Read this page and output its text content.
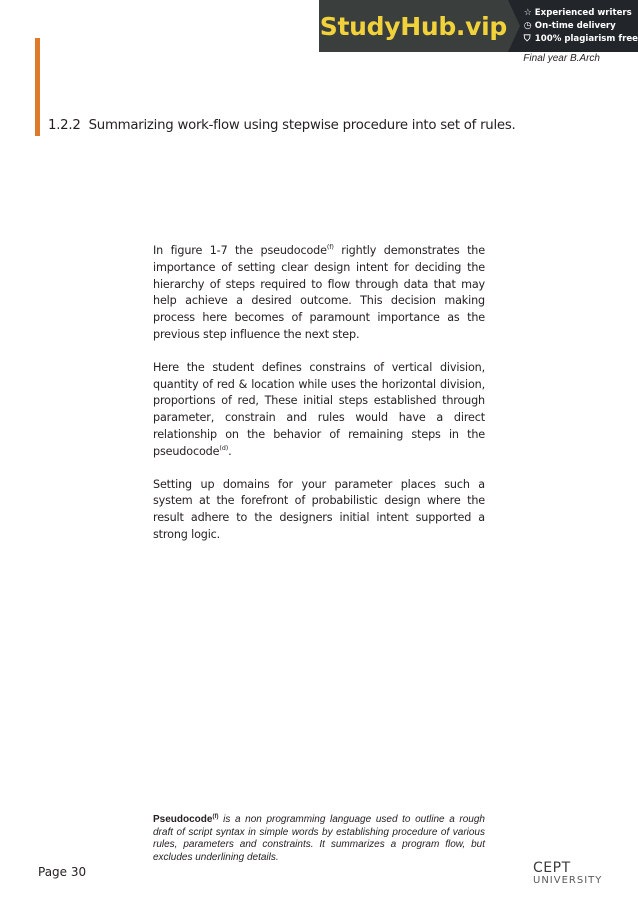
StudyHub.vip ☆ Experienced writers
◷ On-time delivery
⛉ 100% plagiarism free
Final year B.Arch
1.2.2 Summarizing work-flow using stepwise procedure into set of rules.

In figure 1-7 the pseudocode$^{(f)}$ rightly demonstrates the importance of setting clear design intent for deciding the hierarchy of steps required to flow through data that may help achieve a desired outcome. This decision making process here becomes of paramount importance as the previous step influence the next step.

Here the student defines constrains of vertical division, quantity of red & location while uses the horizontal division, proportions of red, These initial steps established through parameter, constrain and rules would have a direct relationship on the behavior of remaining steps in the pseudocode$^{(d)}$.

Setting up domains for your parameter places such a system at the forefront of probabilistic design where the result adhere to the designers initial intent supported a strong logic.

Pseudocode$^{(f)}$ is a non programming language used to outline a rough draft of script syntax in simple words by establishing procedure of various rules, parameters and constraints. It summarizes a program flow, but excludes underlining details.
Page 30	CEPT
UNIVERSITY
